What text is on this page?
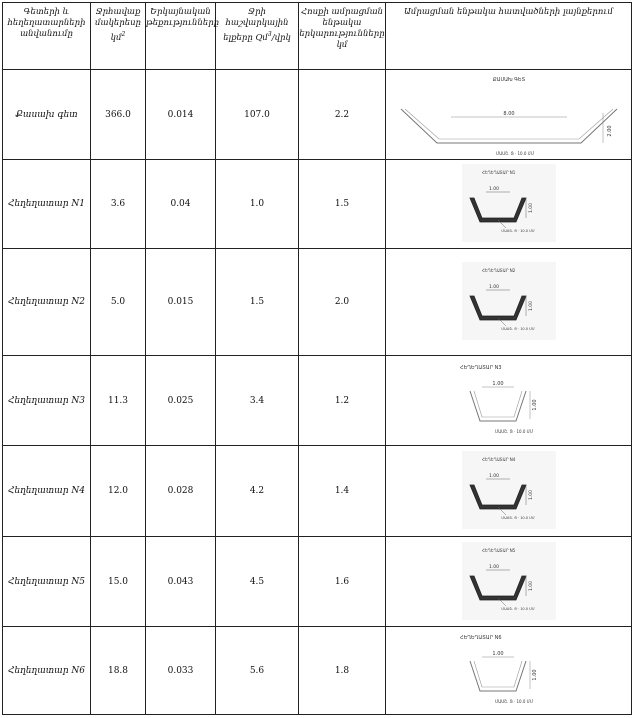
Գետերի և հեղեղատարների անվանումը	Ջրհավաք մակերեսը կմ$^2$	Երկայնական թեքությունները	Ջրի հաշվարկային ելքերը Qմ$^3$/վրկ	Հոսքի ամրացման ենթակա երկարությունները կմ	Ամրացման ենթակա հատվածների լայնքերում
Քասախ գետ	366.0	0.014	107.0	2.2	ՔԱՍԱԽ ԳԵՏ
8.00
2.00
ՄԱՍՇ. Ց · 10.0 ՄՄ

Հեղեղատար N1	3.6	0.04	1.0	1.5	ՀԵՂԵՂԱՏԱՐ N1
1.00
1.00
ՄԱՍՇ. Ց · 10.0 ՄՄ

Հեղեղատար N2	5.0	0.015	1.5	2.0	ՀԵՂԵՂԱՏԱՐ N2
1.00
1.00
ՄԱՍՇ. Ց · 10.0 ՄՄ

Հեղեղատար N3	11.3	0.025	3.4	1.2	ՀԵՂԵՂԱՏԱՐ N3
1.00
1.00
ՄԱՍՇ. Ց · 10.0 ՄՄ

Հեղեղատար N4	12.0	0.028	4.2	1.4	ՀԵՂԵՂԱՏԱՐ N4
1.00
1.00
ՄԱՍՇ. Ց · 10.0 ՄՄ

Հեղեղատար N5	15.0	0.043	4.5	1.6	ՀԵՂԵՂԱՏԱՐ N5
1.00
1.00
ՄԱՍՇ. Ց · 10.0 ՄՄ

Հեղեղատար N6	18.8	0.033	5.6	1.8	ՀԵՂԵՂԱՏԱՐ N6
1.00
1.00
ՄԱՍՇ. Ց · 10.0 ՄՄ
